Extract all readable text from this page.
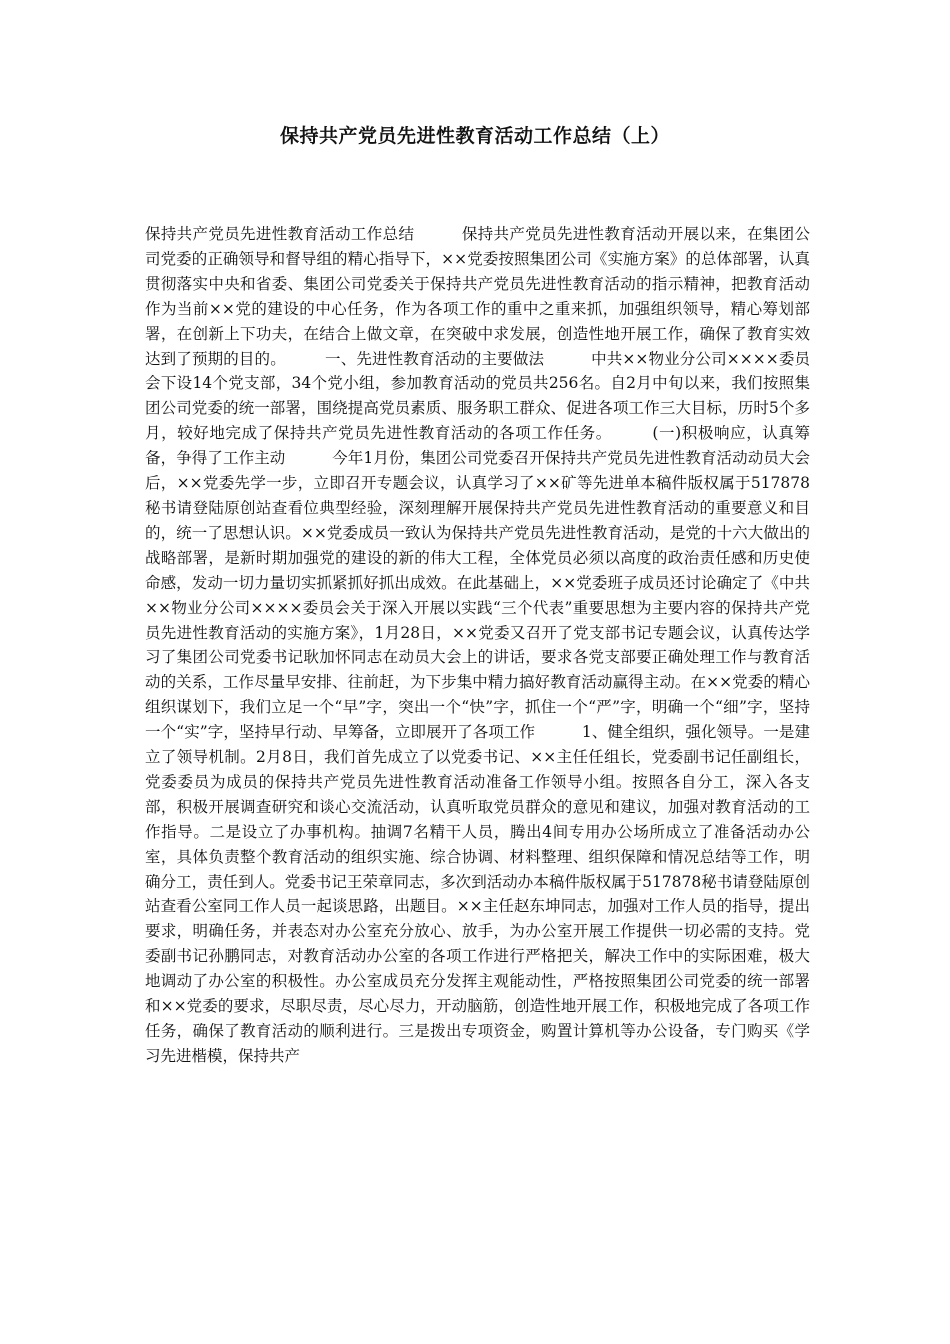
保持共产党员先进性教育活动工作总结（上）
保持共产党员先进性教育活动工作总结　　　保持共产党员先进性教育活动开展以来，在集团公司党委的正确领导和督导组的精心指导下，××党委按照集团公司《实施方案》的总体部署，认真贯彻落实中央和省委、集团公司党委关于保持共产党员先进性教育活动的指示精神，把教育活动作为当前××党的建设的中心任务，作为各项工作的重中之重来抓，加强组织领导，精心筹划部署，在创新上下功夫，在结合上做文章，在突破中求发展，创造性地开展工作，确保了教育实效达到了预期的目的。　　　一、先进性教育活动的主要做法　　　中共××物业分公司××××委员会下设14个党支部，34个党小组，参加教育活动的党员共256名。自2月中旬以来，我们按照集团公司党委的统一部署，围绕提高党员素质、服务职工群众、促进各项工作三大目标，历时5个多月，较好地完成了保持共产党员先进性教育活动的各项工作任务。　　　(一)积极响应，认真筹备，争得了工作主动　　　今年1月份，集团公司党委召开保持共产党员先进性教育活动动员大会后，××党委先学一步，立即召开专题会议，认真学习了××矿等先进单本稿件版权属于517878秘书请登陆原创站查看位典型经验，深刻理解开展保持共产党员先进性教育活动的重要意义和目的，统一了思想认识。××党委成员一致认为保持共产党员先进性教育活动，是党的十六大做出的战略部署，是新时期加强党的建设的新的伟大工程，全体党员必须以高度的政治责任感和历史使命感，发动一切力量切实抓紧抓好抓出成效。在此基础上，××党委班子成员还讨论确定了《中共××物业分公司××××委员会关于深入开展以实践“三个代表”重要思想为主要内容的保持共产党员先进性教育活动的实施方案》，1月28日，××党委又召开了党支部书记专题会议，认真传达学习了集团公司党委书记耿加怀同志在动员大会上的讲话，要求各党支部要正确处理工作与教育活动的关系，工作尽量早安排、往前赶，为下步集中精力搞好教育活动赢得主动。在××党委的精心组织谋划下，我们立足一个“早”字，突出一个“快”字，抓住一个“严”字，明确一个“细”字，坚持一个“实”字，坚持早行动、早筹备，立即展开了各项工作　　　1、健全组织，强化领导。一是建立了领导机制。2月8日，我们首先成立了以党委书记、××主任任组长，党委副书记任副组长，党委委员为成员的保持共产党员先进性教育活动准备工作领导小组。按照各自分工，深入各支部，积极开展调查研究和谈心交流活动，认真听取党员群众的意见和建议，加强对教育活动的工作指导。二是设立了办事机构。抽调7名精干人员，腾出4间专用办公场所成立了准备活动办公室，具体负责整个教育活动的组织实施、综合协调、材料整理、组织保障和情况总结等工作，明确分工，责任到人。党委书记王荣章同志，多次到活动办本稿件版权属于517878秘书请登陆原创站查看公室同工作人员一起谈思路，出题目。××主任赵东坤同志，加强对工作人员的指导，提出要求，明确任务，并表态对办公室充分放心、放手，为办公室开展工作提供一切必需的支持。党委副书记孙鹏同志，对教育活动办公室的各项工作进行严格把关，解决工作中的实际困难，极大地调动了办公室的积极性。办公室成员充分发挥主观能动性，严格按照集团公司党委的统一部署和××党委的要求，尽职尽责，尽心尽力，开动脑筋，创造性地开展工作，积极地完成了各项工作任务，确保了教育活动的顺利进行。三是拨出专项资金，购置计算机等办公设备，专门购买《学习先进楷模，保持共产
